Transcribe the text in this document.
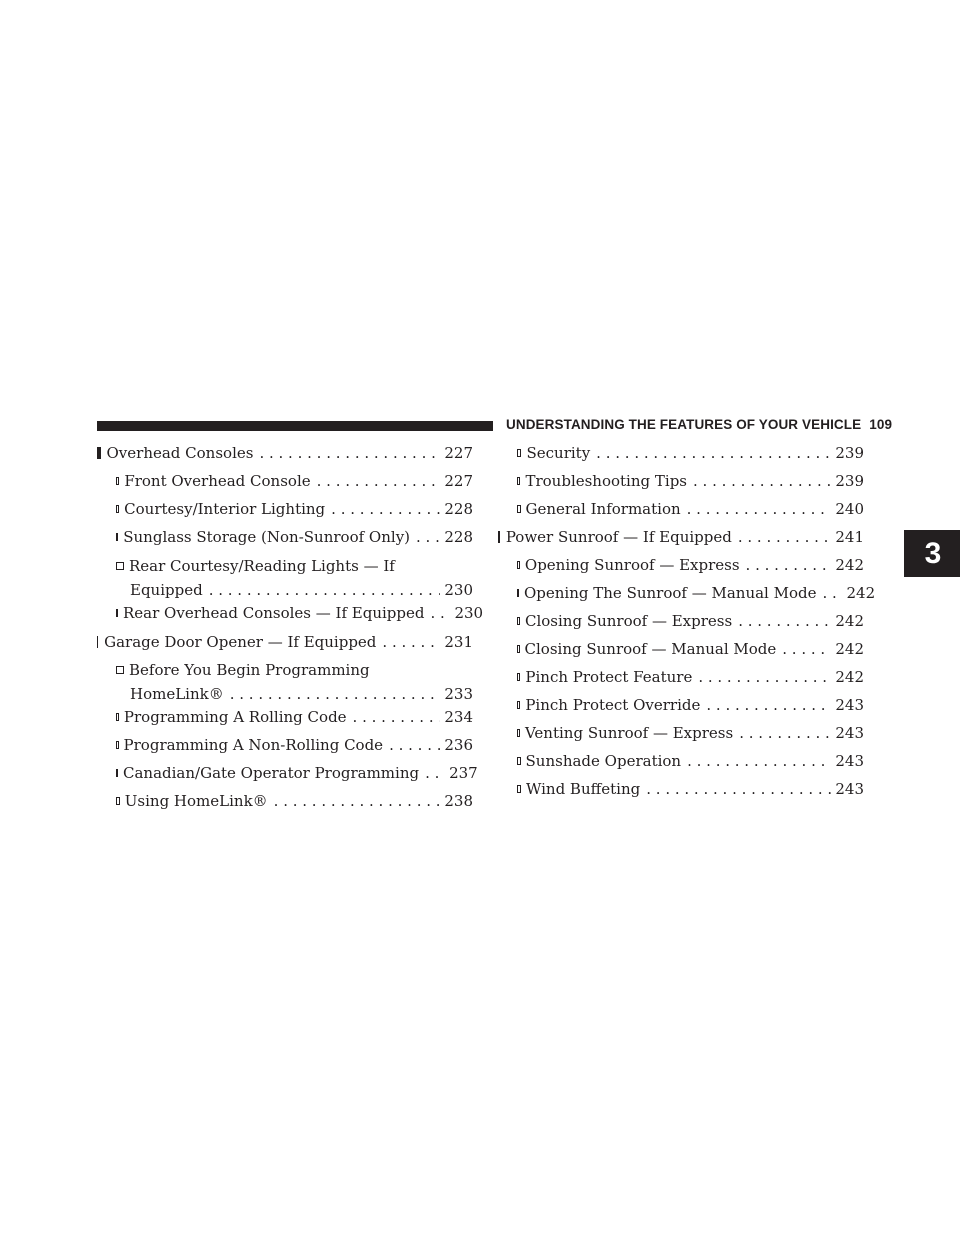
UNDERSTANDING THE FEATURES OF YOUR VEHICLE 109
3
Overhead Consoles . . .	227
Front Overhead Console . . .	227
Courtesy/Interior Lighting . . .	228
Sunglass Storage (Non-Sunroof Only) . . . 228
Rear Courtesy/Reading Lights — If
Equipped . . .	230
Rear Overhead Consoles — If Equipped . . . 230
Garage Door Opener — If Equipped . . .	231
Before You Begin Programming
HomeLink® . . .	233
Programming A Rolling Code . . .	234
Programming A Non-Rolling Code . . .	236
Canadian/Gate Operator Programming . . . 237
Using HomeLink® . . .	238
Security . . .	239
Troubleshooting Tips . . .	239
General Information . . .	240
Power Sunroof — If Equipped . . .	241
Opening Sunroof — Express . . .	242
Opening The Sunroof — Manual Mode . . . 242
Closing Sunroof — Express . . .	242
Closing Sunroof — Manual Mode . . .	242
Pinch Protect Feature . . .	242
Pinch Protect Override . . .	243
Venting Sunroof — Express . . .	243
Sunshade Operation . . .	243
Wind Buffeting . . .	243
